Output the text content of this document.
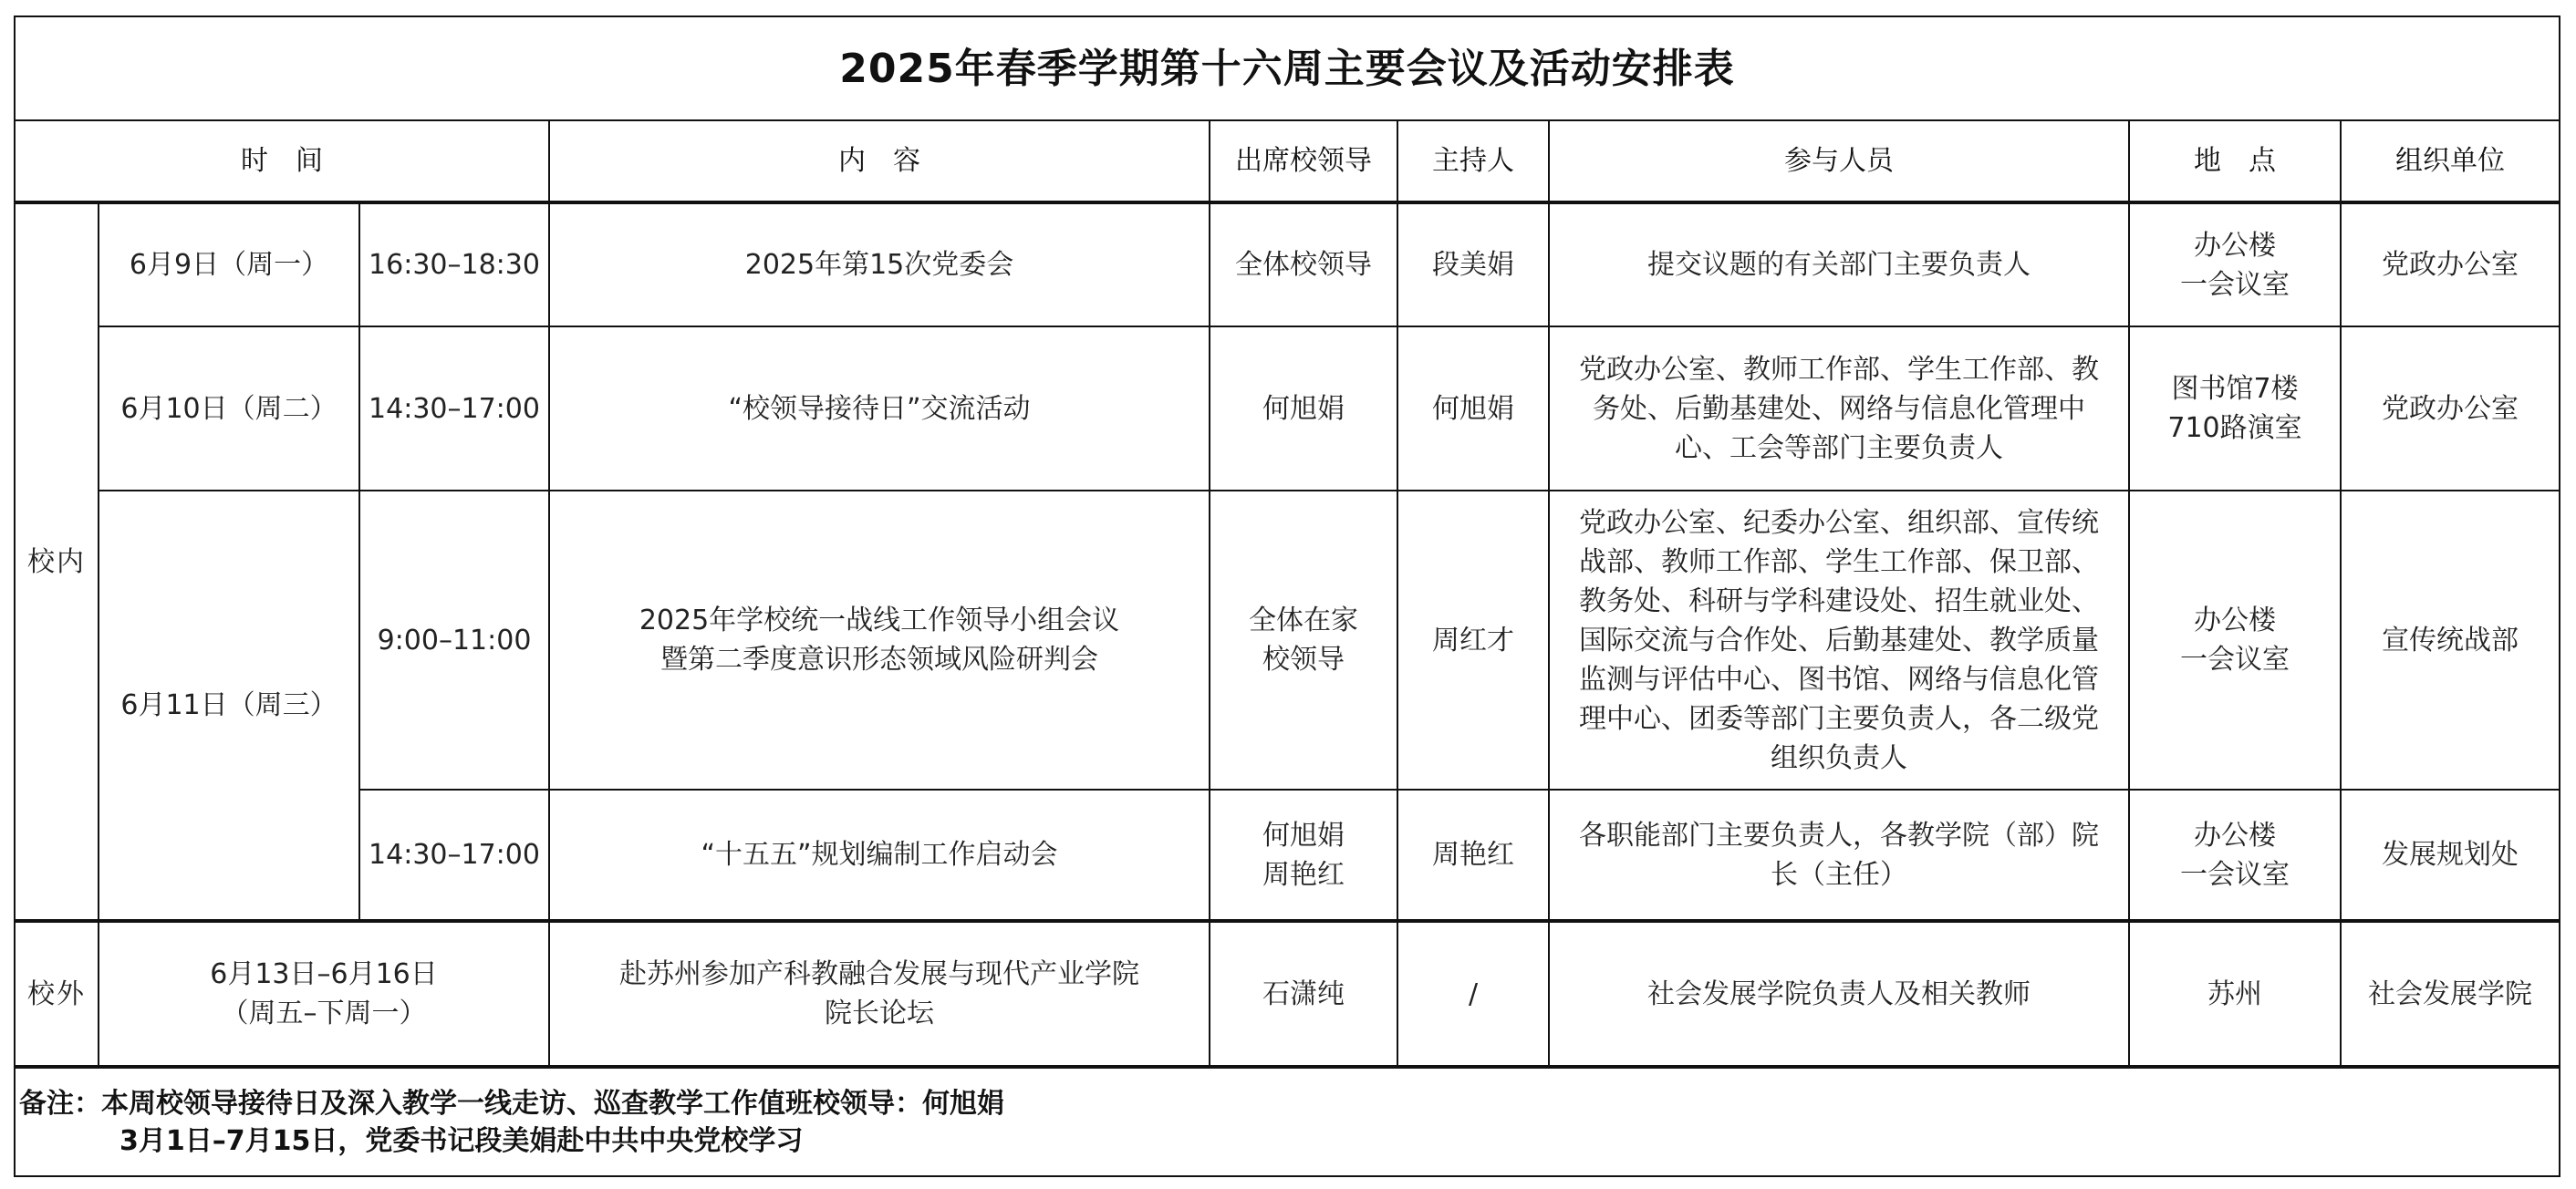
2025年春季学期第十六周主要会议及活动安排表								
时　间			内　容	出席校领导	主持人	参与人员	地　点	组织单位
校内	6月9日（周一）	16:30–18:30	2025年第15次党委会	全体校领导	段美娟	提交议题的有关部门主要负责人	办公楼
一会议室	党政办公室
	6月10日（周二）	14:30–17:00	“校领导接待日”交流活动	何旭娟	何旭娟	党政办公室、教师工作部、学生工作部、教务处、后勤基建处、网络与信息化管理中心、工会等部门主要负责人	图书馆7楼
710路演室	党政办公室
	6月11日（周三）	9:00–11:00	2025年学校统一战线工作领导小组会议
暨第二季度意识形态领域风险研判会	全体在家
校领导	周红才	党政办公室、纪委办公室、组织部、宣传统战部、教师工作部、学生工作部、保卫部、教务处、科研与学科建设处、招生就业处、国际交流与合作处、后勤基建处、教学质量监测与评估中心、图书馆、网络与信息化管理中心、团委等部门主要负责人，各二级党组织负责人	办公楼
一会议室	宣传统战部
		14:30–17:00	“十五五”规划编制工作启动会	何旭娟
周艳红	周艳红	各职能部门主要负责人，各教学院（部）院长（主任）	办公楼
一会议室	发展规划处
校外	6月13日–6月16日
（周五–下周一）		赴苏州参加产科教融合发展与现代产业学院
院长论坛	石潇纯	/	社会发展学院负责人及相关教师	苏州	社会发展学院

备注：本周校领导接待日及深入教学一线走访、巡查教学工作值班校领导：何旭娟
3月1日–7月15日，党委书记段美娟赴中共中央党校学习								
